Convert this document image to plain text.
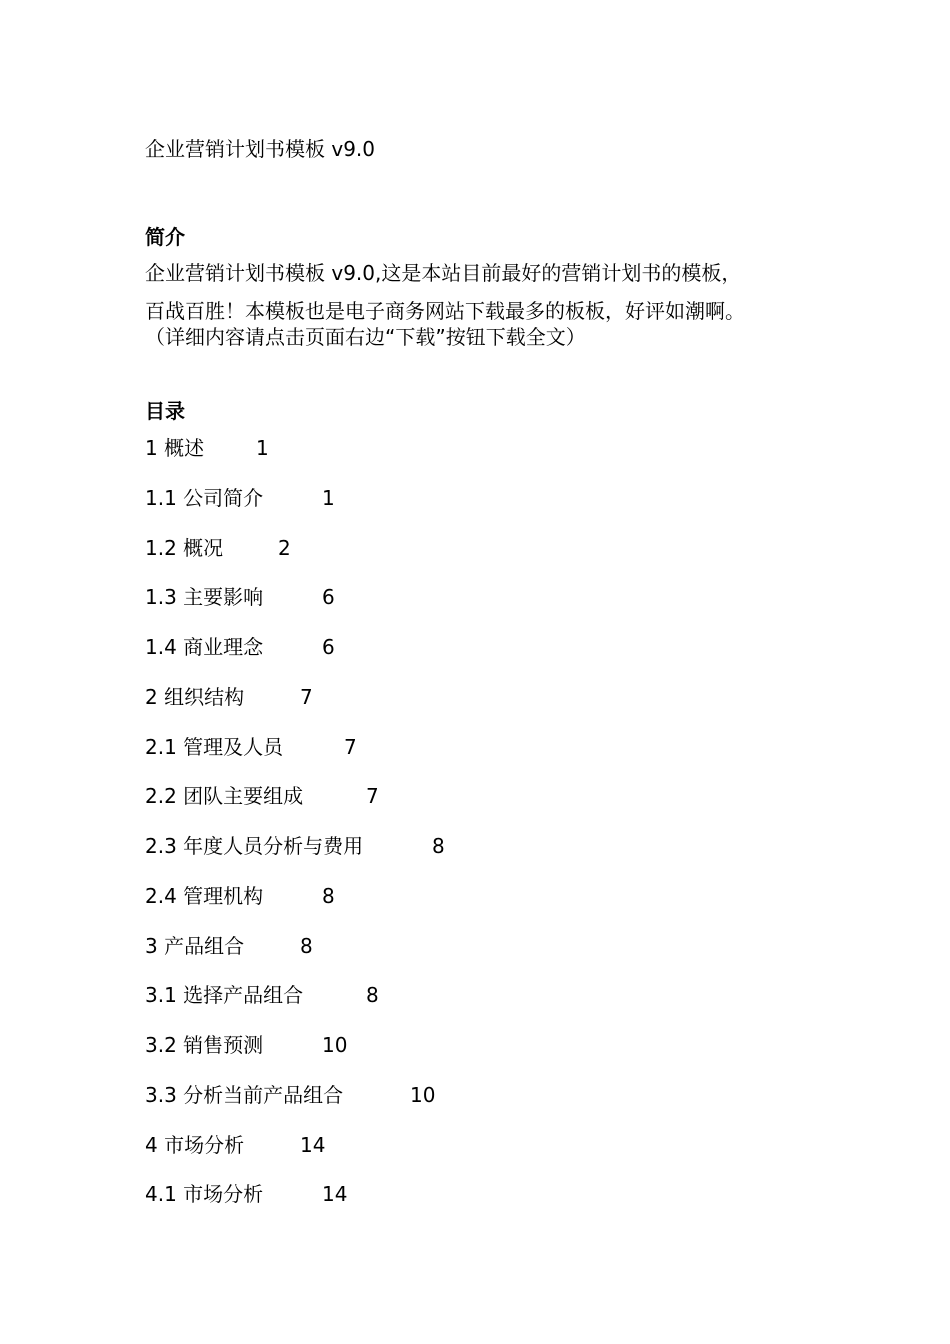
企业营销计划书模板 v9.0
简介
企业营销计划书模板 v9.0,这是本站目前最好的营销计划书的模板，
百战百胜！本模板也是电子商务网站下载最多的板板，好评如潮啊。
（详细内容请点击页面右边“下载”按钮下载全文）
目录
1 概述	1
1.1 公司简介	1
1.2 概况	2
1.3 主要影响	6
1.4 商业理念	6
2 组织结构	7
2.1 管理及人员	7
2.2 团队主要组成	7
2.3 年度人员分析与费用	8
2.4 管理机构	8
3 产品组合	8
3.1 选择产品组合	8
3.2 销售预测	10
3.3 分析当前产品组合	10
4 市场分析	14
4.1 市场分析	14
